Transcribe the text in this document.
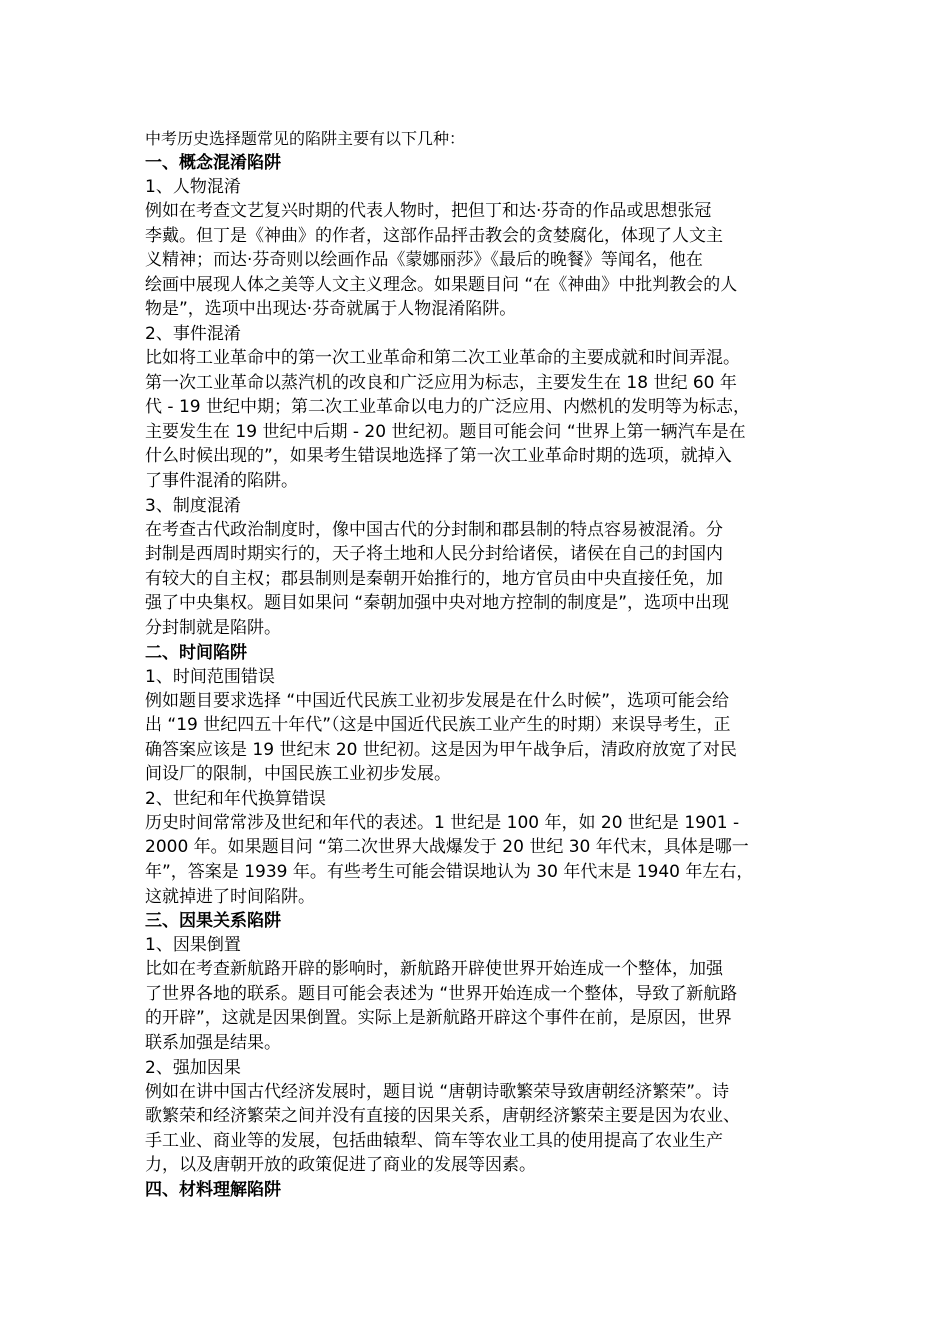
中考历史选择题常见的陷阱主要有以下几种：
一、概念混淆陷阱
1、人物混淆
例如在考查文艺复兴时期的代表人物时，把但丁和达·芬奇的作品或思想张冠
李戴。但丁是《神曲》的作者，这部作品抨击教会的贪婪腐化，体现了人文主
义精神；而达·芬奇则以绘画作品《蒙娜丽莎》《最后的晚餐》等闻名，他在
绘画中展现人体之美等人文主义理念。如果题目问 “在《神曲》中批判教会的人
物是”，选项中出现达·芬奇就属于人物混淆陷阱。
2、事件混淆
比如将工业革命中的第一次工业革命和第二次工业革命的主要成就和时间弄混。
第一次工业革命以蒸汽机的改良和广泛应用为标志，主要发生在 18 世纪 60 年
代 - 19 世纪中期；第二次工业革命以电力的广泛应用、内燃机的发明等为标志，
主要发生在 19 世纪中后期 - 20 世纪初。题目可能会问 “世界上第一辆汽车是在
什么时候出现的”，如果考生错误地选择了第一次工业革命时期的选项，就掉入
了事件混淆的陷阱。
3、制度混淆
在考查古代政治制度时，像中国古代的分封制和郡县制的特点容易被混淆。分
封制是西周时期实行的，天子将土地和人民分封给诸侯，诸侯在自己的封国内
有较大的自主权；郡县制则是秦朝开始推行的，地方官员由中央直接任免，加
强了中央集权。题目如果问 “秦朝加强中央对地方控制的制度是”，选项中出现
分封制就是陷阱。
二、时间陷阱
1、时间范围错误
例如题目要求选择 “中国近代民族工业初步发展是在什么时候”，选项可能会给
出 “19 世纪四五十年代”（这是中国近代民族工业产生的时期）来误导考生，正
确答案应该是 19 世纪末 20 世纪初。这是因为甲午战争后，清政府放宽了对民
间设厂的限制，中国民族工业初步发展。
2、世纪和年代换算错误
历史时间常常涉及世纪和年代的表述。1 世纪是 100 年，如 20 世纪是 1901 -
2000 年。如果题目问 “第二次世界大战爆发于 20 世纪 30 年代末，具体是哪一
年”，答案是 1939 年。有些考生可能会错误地认为 30 年代末是 1940 年左右，
这就掉进了时间陷阱。
三、因果关系陷阱
1、因果倒置
比如在考查新航路开辟的影响时，新航路开辟使世界开始连成一个整体，加强
了世界各地的联系。题目可能会表述为 “世界开始连成一个整体，导致了新航路
的开辟”，这就是因果倒置。实际上是新航路开辟这个事件在前，是原因，世界
联系加强是结果。
2、强加因果
例如在讲中国古代经济发展时，题目说 “唐朝诗歌繁荣导致唐朝经济繁荣”。诗
歌繁荣和经济繁荣之间并没有直接的因果关系，唐朝经济繁荣主要是因为农业、
手工业、商业等的发展，包括曲辕犁、筒车等农业工具的使用提高了农业生产
力，以及唐朝开放的政策促进了商业的发展等因素。
四、材料理解陷阱
